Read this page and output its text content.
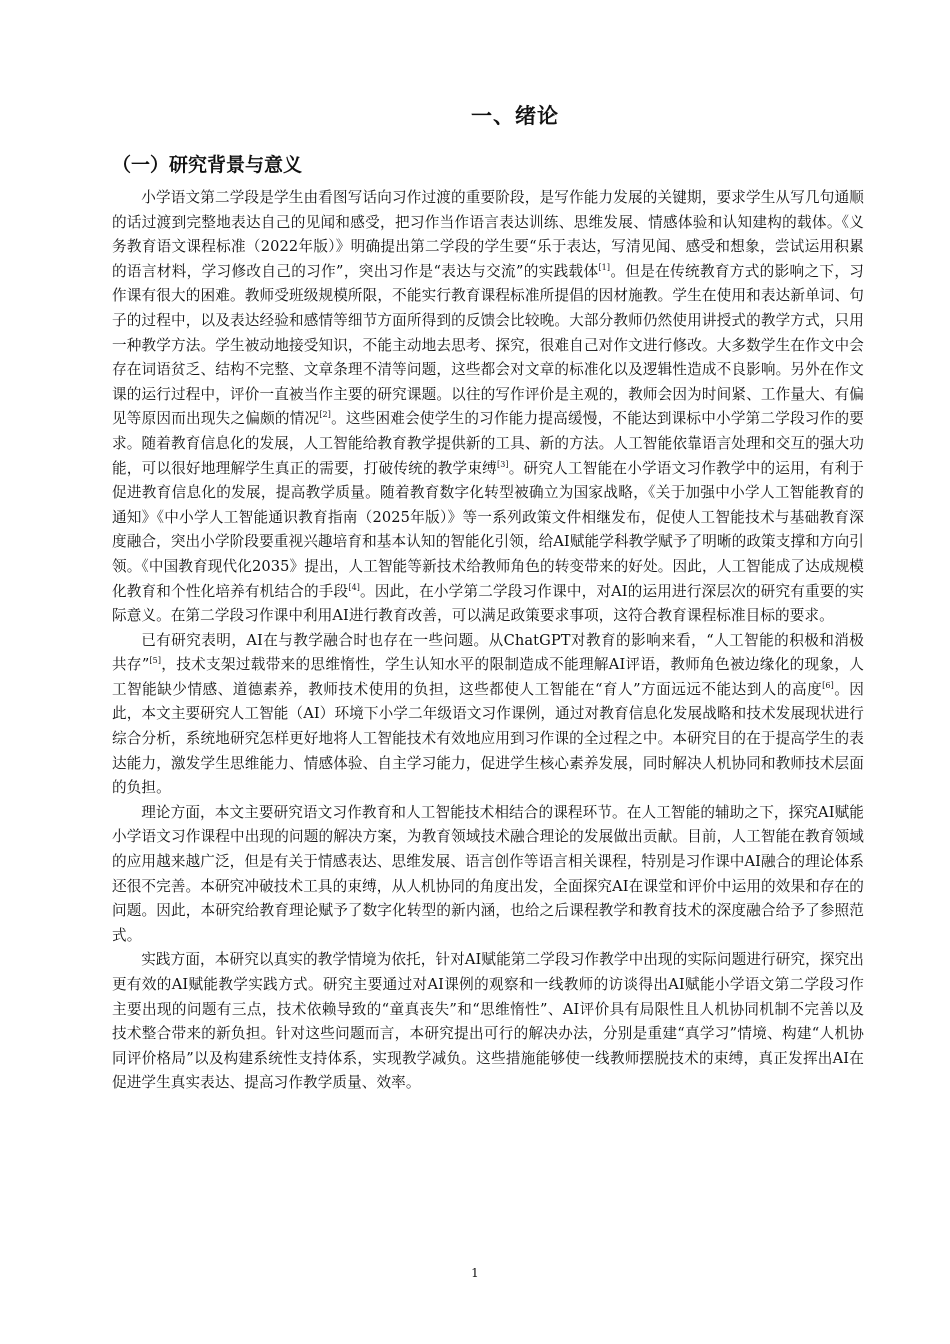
一、绪论
（一）研究背景与意义

小学语文第二学段是学生由看图写话向习作过渡的重要阶段，是写作能力发展的关键期，要求学生从写几句通顺的话过渡到完整地表达自己的见闻和感受，把习作当作语言表达训练、思维发展、情感体验和认知建构的载体。《义务教育语文课程标准（2022年版）》明确提出第二学段的学生要“乐于表达，写清见闻、感受和想象，尝试运用积累的语言材料，学习修改自己的习作”，突出习作是“表达与交流”的实践载体[1]。但是在传统教育方式的影响之下，习作课有很大的困难。教师受班级规模所限，不能实行教育课程标准所提倡的因材施教。学生在使用和表达新单词、句子的过程中，以及表达经验和感情等细节方面所得到的反馈会比较晚。大部分教师仍然使用讲授式的教学方式，只用一种教学方法。学生被动地接受知识，不能主动地去思考、探究，很难自己对作文进行修改。大多数学生在作文中会存在词语贫乏、结构不完整、文章条理不清等问题，这些都会对文章的标准化以及逻辑性造成不良影响。另外在作文课的运行过程中，评价一直被当作主要的研究课题。以往的写作评价是主观的，教师会因为时间紧、工作量大、有偏见等原因而出现失之偏颇的情况[2]。这些困难会使学生的习作能力提高缓慢，不能达到课标中小学第二学段习作的要求。随着教育信息化的发展，人工智能给教育教学提供新的工具、新的方法。人工智能依靠语言处理和交互的强大功能，可以很好地理解学生真正的需要，打破传统的教学束缚[3]。研究人工智能在小学语文习作教学中的运用，有利于促进教育信息化的发展，提高教学质量。随着教育数字化转型被确立为国家战略，《关于加强中小学人工智能教育的通知》《中小学人工智能通识教育指南（2025年版）》等一系列政策文件相继发布，促使人工智能技术与基础教育深度融合，突出小学阶段要重视兴趣培育和基本认知的智能化引领，给AI赋能学科教学赋予了明晰的政策支撑和方向引领。《中国教育现代化2035》提出，人工智能等新技术给教师角色的转变带来的好处。因此，人工智能成了达成规模化教育和个性化培养有机结合的手段[4]。因此，在小学第二学段习作课中，对AI的运用进行深层次的研究有重要的实际意义。在第二学段习作课中利用AI进行教育改善，可以满足政策要求事项，这符合教育课程标准目标的要求。

已有研究表明，AI在与教学融合时也存在一些问题。从ChatGPT对教育的影响来看，“人工智能的积极和消极共存”[5]，技术支架过载带来的思维惰性，学生认知水平的限制造成不能理解AI评语，教师角色被边缘化的现象，人工智能缺少情感、道德素养，教师技术使用的负担，这些都使人工智能在“育人”方面远远不能达到人的高度[6]。因此，本文主要研究人工智能（AI）环境下小学二年级语文习作课例，通过对教育信息化发展战略和技术发展现状进行综合分析，系统地研究怎样更好地将人工智能技术有效地应用到习作课的全过程之中。本研究目的在于提高学生的表达能力，激发学生思维能力、情感体验、自主学习能力，促进学生核心素养发展，同时解决人机协同和教师技术层面的负担。

理论方面，本文主要研究语文习作教育和人工智能技术相结合的课程环节。在人工智能的辅助之下，探究AI赋能小学语文习作课程中出现的问题的解决方案，为教育领域技术融合理论的发展做出贡献。目前，人工智能在教育领域的应用越来越广泛，但是有关于情感表达、思维发展、语言创作等语言相关课程，特别是习作课中AI融合的理论体系还很不完善。本研究冲破技术工具的束缚，从人机协同的角度出发，全面探究AI在课堂和评价中运用的效果和存在的问题。因此，本研究给教育理论赋予了数字化转型的新内涵，也给之后课程教学和教育技术的深度融合给予了参照范式。

实践方面，本研究以真实的教学情境为依托，针对AI赋能第二学段习作教学中出现的实际问题进行研究，探究出更有效的AI赋能教学实践方式。研究主要通过对AI课例的观察和一线教师的访谈得出AI赋能小学语文第二学段习作主要出现的问题有三点，技术依赖导致的“童真丧失”和“思维惰性”、AI评价具有局限性且人机协同机制不完善以及技术整合带来的新负担。针对这些问题而言，本研究提出可行的解决办法，分别是重建“真学习”情境、构建“人机协同评价格局”以及构建系统性支持体系，实现教学减负。这些措施能够使一线教师摆脱技术的束缚，真正发挥出AI在促进学生真实表达、提高习作教学质量、效率。

1
